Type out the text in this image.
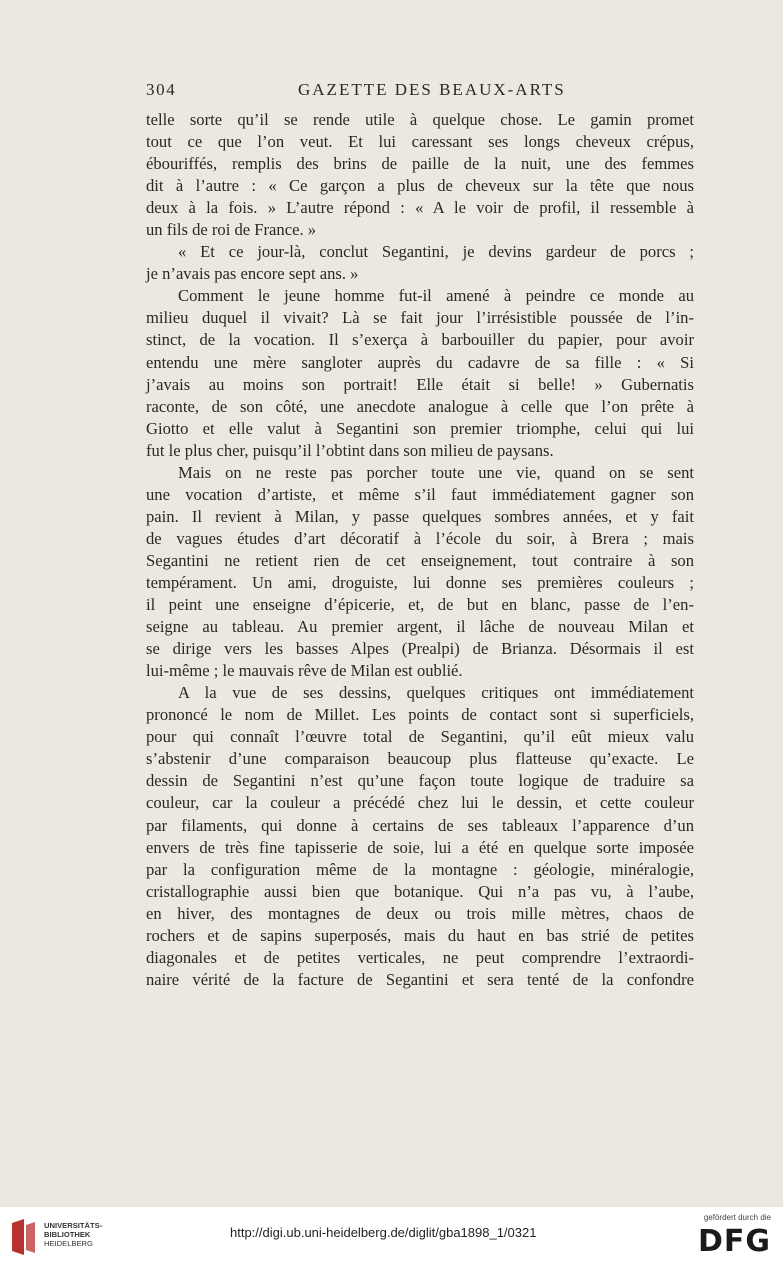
304	GAZETTE DES BEAUX-ARTS

telle sorte qu’il se rende utile à quelque chose. Le gamin promet

tout ce que l’on veut. Et lui caressant ses longs cheveux crépus,

ébouriffés, remplis des brins de paille de la nuit, une des femmes

dit à l’autre : « Ce garçon a plus de cheveux sur la tête que nous

deux à la fois. » L’autre répond : « A le voir de profil, il ressemble à

un fils de roi de France. »

« Et ce jour-là, conclut Segantini, je devins gardeur de porcs ;

je n’avais pas encore sept ans. »

Comment le jeune homme fut-il amené à peindre ce monde au

milieu duquel il vivait? Là se fait jour l’irrésistible poussée de l’in-

stinct, de la vocation. Il s’exerça à barbouiller du papier, pour avoir

entendu une mère sangloter auprès du cadavre de sa fille : « Si

j’avais au moins son portrait! Elle était si belle! » Gubernatis

raconte, de son côté, une anecdote analogue à celle que l’on prête à

Giotto et elle valut à Segantini son premier triomphe, celui qui lui

fut le plus cher, puisqu’il l’obtint dans son milieu de paysans.

Mais on ne reste pas porcher toute une vie, quand on se sent

une vocation d’artiste, et même s’il faut immédiatement gagner son

pain. Il revient à Milan, y passe quelques sombres années, et y fait

de vagues études d’art décoratif à l’école du soir, à Brera ; mais

Segantini ne retient rien de cet enseignement, tout contraire à son

tempérament. Un ami, droguiste, lui donne ses premières couleurs ;

il peint une enseigne d’épicerie, et, de but en blanc, passe de l’en-

seigne au tableau. Au premier argent, il lâche de nouveau Milan et

se dirige vers les basses Alpes (Prealpi) de Brianza. Désormais il est

lui-même ; le mauvais rêve de Milan est oublié.

A la vue de ses dessins, quelques critiques ont immédiatement

prononcé le nom de Millet. Les points de contact sont si superficiels,

pour qui connaît l’œuvre total de Segantini, qu’il eût mieux valu

s’abstenir d’une comparaison beaucoup plus flatteuse qu’exacte. Le

dessin de Segantini n’est qu’une façon toute logique de traduire sa

couleur, car la couleur a précédé chez lui le dessin, et cette couleur

par filaments, qui donne à certains de ses tableaux l’apparence d’un

envers de très fine tapisserie de soie, lui a été en quelque sorte imposée

par la configuration même de la montagne : géologie, minéralogie,

cristallographie aussi bien que botanique. Qui n’a pas vu, à l’aube,

en hiver, des montagnes de deux ou trois mille mètres, chaos de

rochers et de sapins superposés, mais du haut en bas strié de petites

diagonales et de petites verticales, ne peut comprendre l’extraordi-

naire vérité de la facture de Segantini et sera tenté de la confondre

UNIVERSITÄTS-
BIBLIOTHEK
HEIDELBERG
http://digi.ub.uni-heidelberg.de/diglit/gba1898_1/0321
gefördert durch die
DFG
